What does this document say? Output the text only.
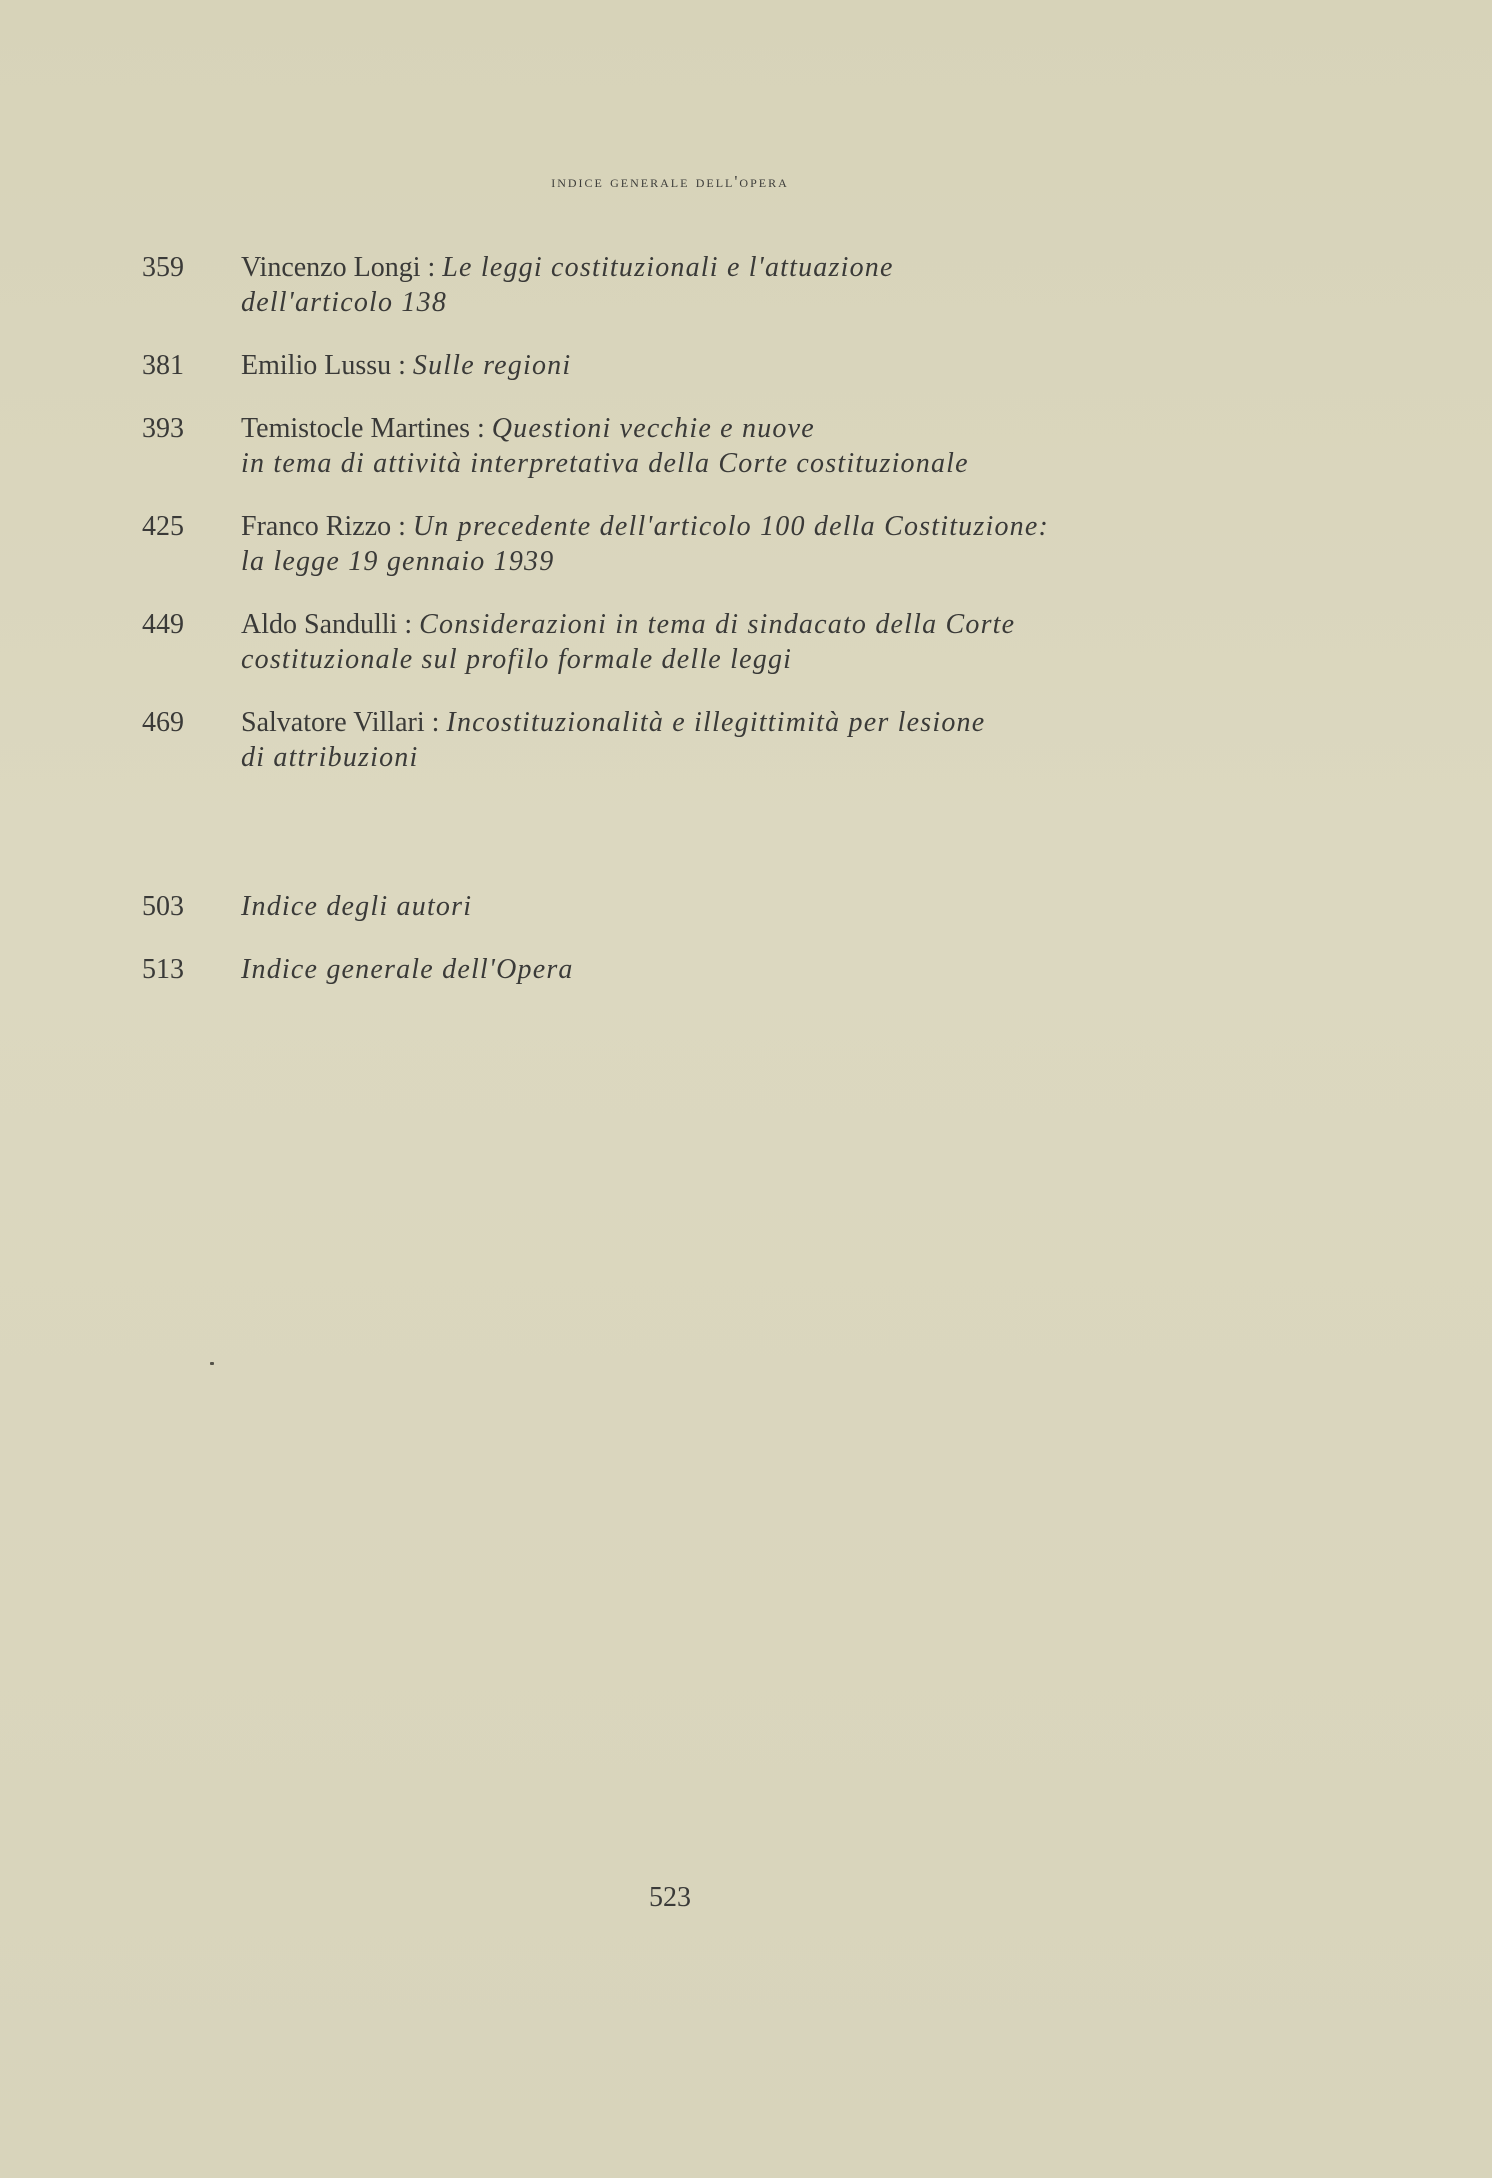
indice generale dell'opera
359	Vincenzo Longi : Le leggi costituzionali e l'attuazione
dell'articolo 138
381	Emilio Lussu : Sulle regioni
393	Temistocle Martines : Questioni vecchie e nuove
in tema di attività interpretativa della Corte costituzionale
425	Franco Rizzo : Un precedente dell'articolo 100 della Costituzione:
la legge 19 gennaio 1939
449	Aldo Sandulli : Considerazioni in tema di sindacato della Corte
costituzionale sul profilo formale delle leggi
469	Salvatore Villari : Incostituzionalità e illegittimità per lesione
di attribuzioni
503	Indice degli autori
513	Indice generale dell'Opera
523
